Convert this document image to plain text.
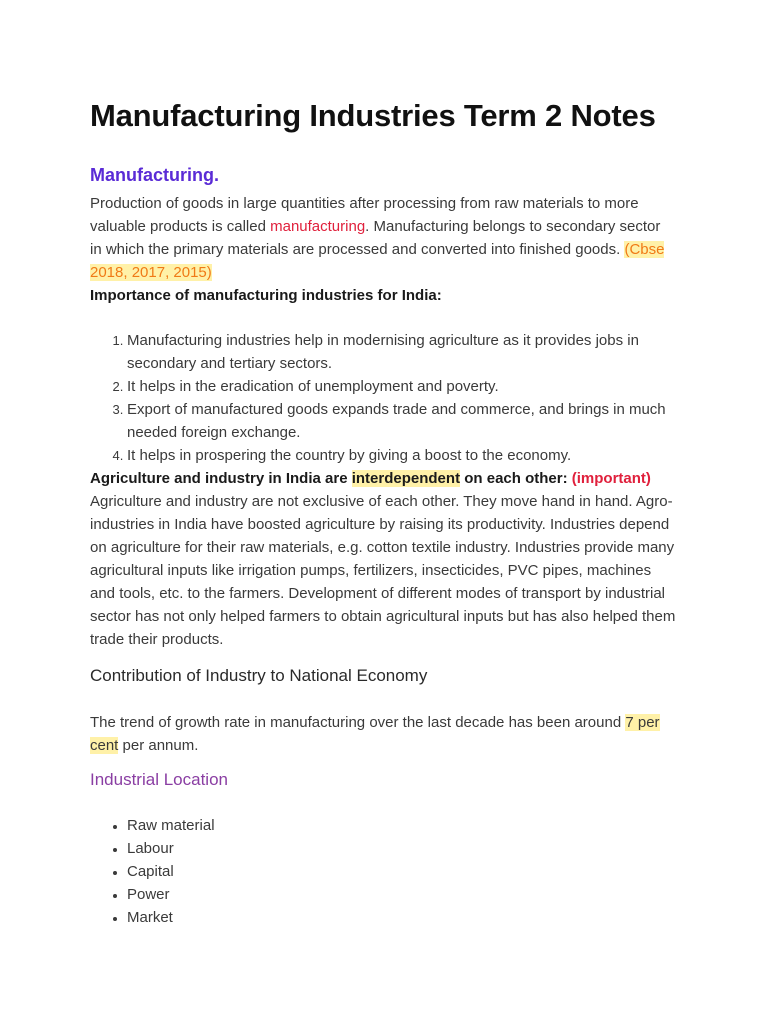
Manufacturing Industries Term 2 Notes
Manufacturing.

Production of goods in large quantities after processing from raw materials to more valuable products is called manufacturing. Manufacturing belongs to secondary sector in which the primary materials are processed and converted into finished goods. (Cbse 2018, 2017, 2015)

Importance of manufacturing industries for India:

1. Manufacturing industries help in modernising agriculture as it provides jobs in secondary and tertiary sectors.
2. It helps in the eradication of unemployment and poverty.
3. Export of manufactured goods expands trade and commerce, and brings in much needed foreign exchange.
4. It helps in prospering the country by giving a boost to the economy.

Agriculture and industry in India are interdependent on each other: (important)

Agriculture and industry are not exclusive of each other. They move hand in hand. Agro-industries in India have boosted agriculture by raising its productivity. Industries depend on agriculture for their raw materials, e.g. cotton textile industry. Industries provide many agricultural inputs like irrigation pumps, fertilizers, insecticides, PVC pipes, machines and tools, etc. to the farmers. Development of different modes of transport by industrial sector has not only helped farmers to obtain agricultural inputs but has also helped them trade their products.

Contribution of Industry to National Economy

The trend of growth rate in manufacturing over the last decade has been around 7 per cent per annum.

Industrial Location
• Raw material
• Labour
• Capital
• Power
• Market
